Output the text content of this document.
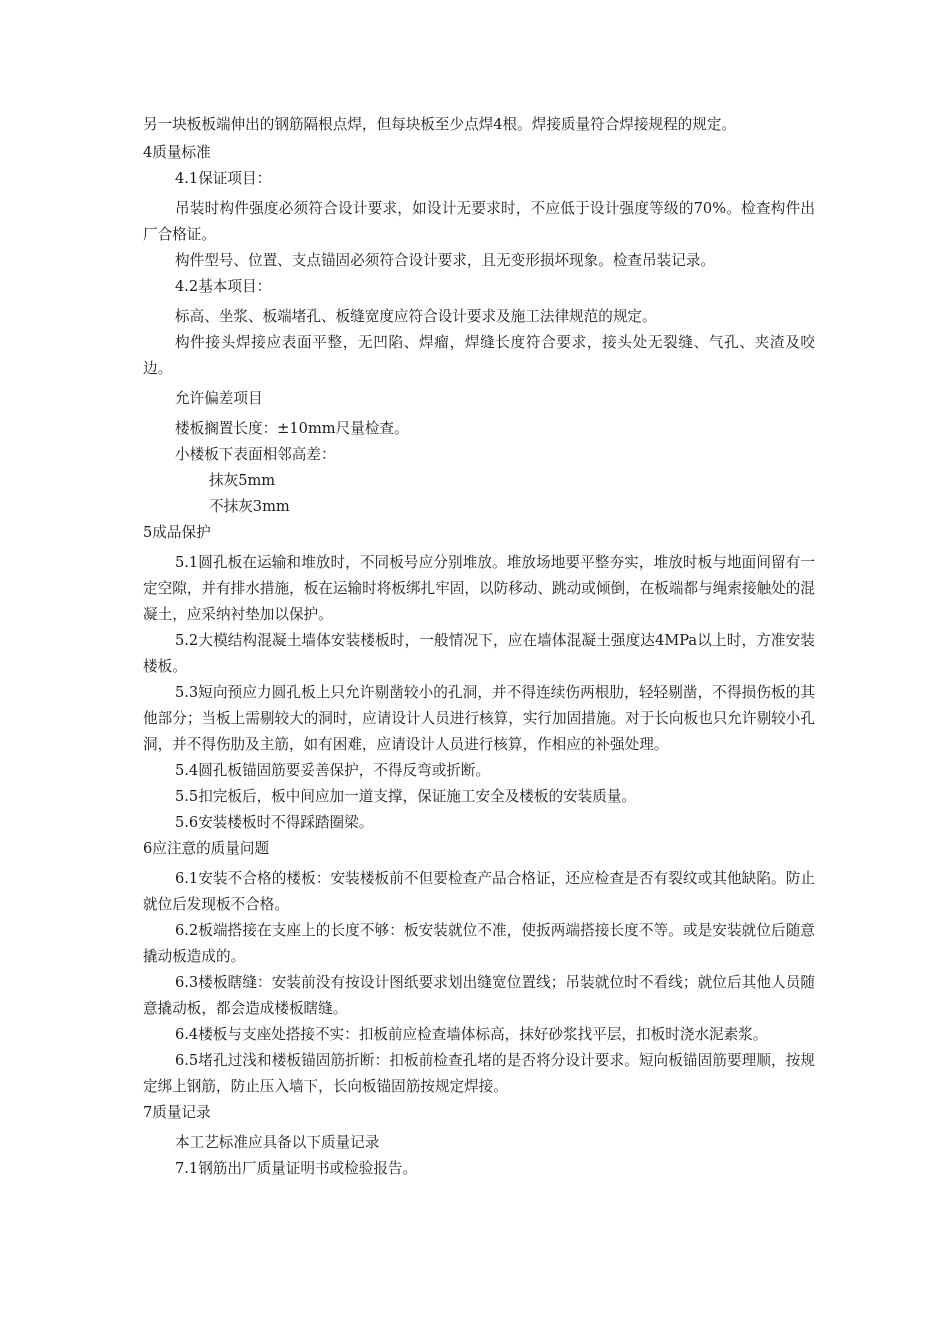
另一块板板端伸出的钢筋隔根点焊，但每块板至少点焊4根。焊接质量符合焊接规程的规定。

4质量标准

4.1保证项目：

吊装时构件强度必须符合设计要求，如设计无要求时，不应低于设计强度等级的70%。检查构件出厂合格证。

构件型号、位置、支点锚固必须符合设计要求，且无变形损坏现象。检查吊装记录。

4.2基本项目：

标高、坐浆、板端堵孔、板缝宽度应符合设计要求及施工法律规范的规定。

构件接头焊接应表面平整，无凹陷、焊瘤，焊缝长度符合要求，接头处无裂缝、气孔、夹渣及咬边。

允许偏差项目

楼板搁置长度：±10mm尺量检查。

小楼板下表面相邻高差：

抹灰5mm

不抹灰3mm

5成品保护

5.1圆孔板在运输和堆放时，不同板号应分别堆放。堆放场地要平整夯实，堆放时板与地面间留有一定空隙，并有排水措施，板在运输时将板绑扎牢固，以防移动、跳动或倾倒，在板端都与绳索接触处的混凝土，应采纳衬垫加以保护。

5.2大模结构混凝土墙体安装楼板时，一般情况下，应在墙体混凝土强度达4MPa以上时，方准安装楼板。

5.3短向预应力圆孔板上只允许剔凿较小的孔洞，并不得连续伤两根肋，轻轻剔凿，不得损伤板的其他部分；当板上需剔较大的洞时，应请设计人员进行核算，实行加固措施。对于长向板也只允许剔较小孔洞，并不得伤肋及主筋，如有困难，应请设计人员进行核算，作相应的补强处理。

5.4圆孔板锚固筋要妥善保护，不得反弯或折断。

5.5扣完板后，板中间应加一道支撑，保证施工安全及楼板的安装质量。

5.6安装楼板时不得踩踏圈梁。

6应注意的质量问题

6.1安装不合格的楼板：安装楼板前不但要检查产品合格证，还应检查是否有裂纹或其他缺陷。防止就位后发现板不合格。

6.2板端搭接在支座上的长度不够：板安装就位不准，使扳两端搭接长度不等。或是安装就位后随意撬动板造成的。

6.3楼板瞎缝：安装前没有按设计图纸要求划出缝宽位置线；吊装就位时不看线；就位后其他人员随意撬动板，都会造成楼板瞎缝。

6.4楼板与支座处搭接不实：扣板前应检查墙体标高，抹好砂浆找平层，扣板时浇水泥素浆。

6.5堵孔过浅和楼板锚固筋折断：扣板前检查孔堵的是否将分设计要求。短向板锚固筋要理顺，按规定绑上钢筋，防止压入墙下，长向板锚固筋按规定焊接。

7质量记录

本工艺标准应具备以下质量记录

7.1钢筋出厂质量证明书或检验报告。
